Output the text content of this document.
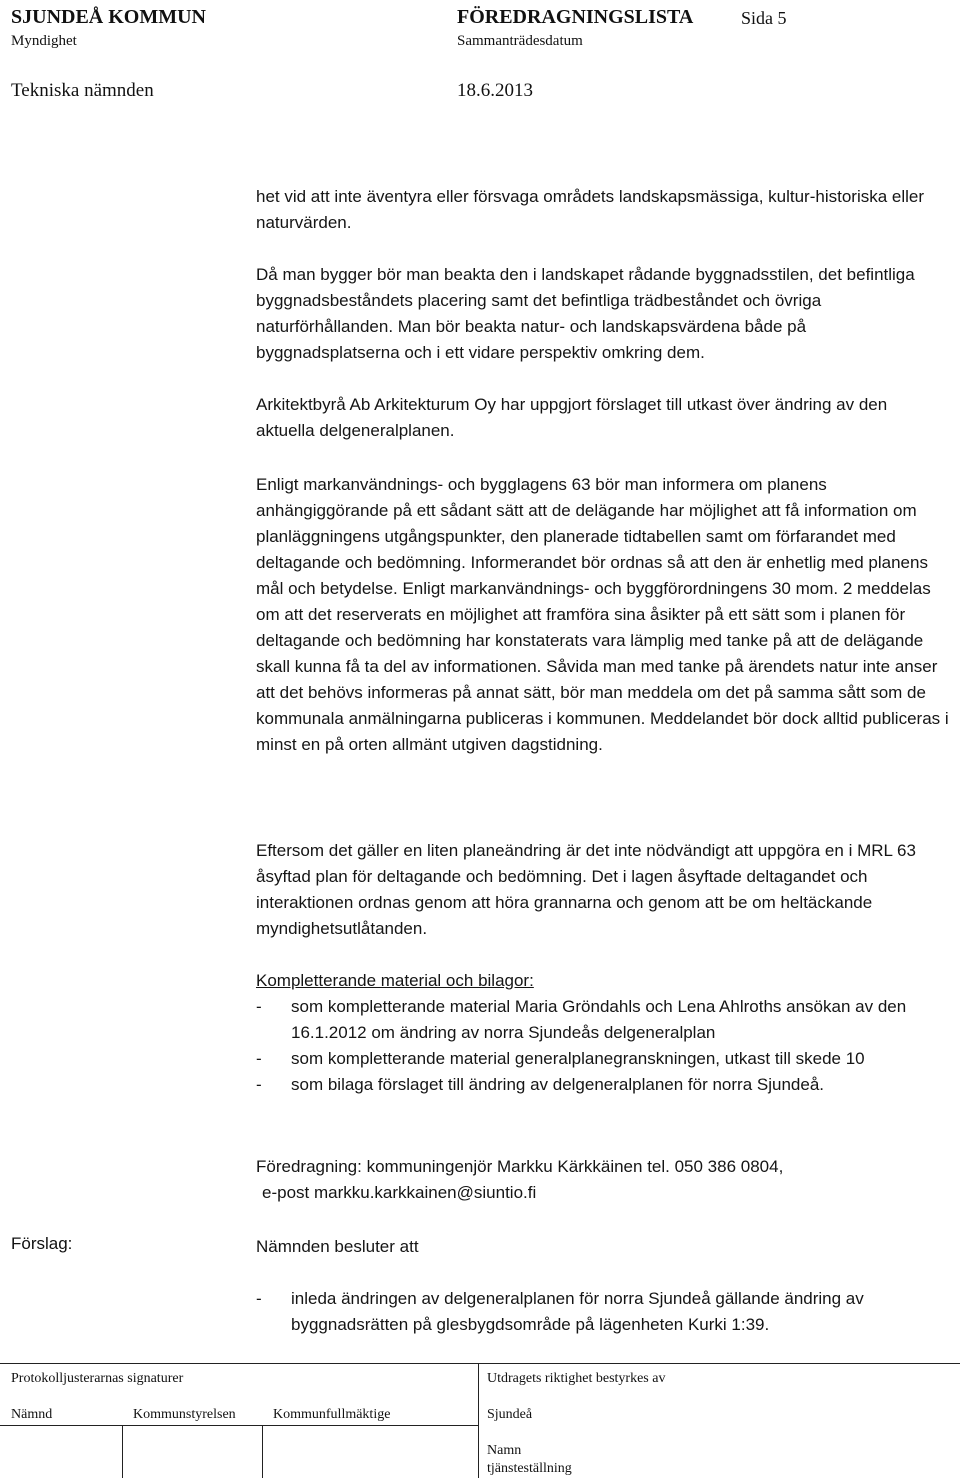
SJUNDEÅ KOMMUN	FÖREDRAGNINGSLISTA	Sida 5
Myndighet	Sammanträdesdatum
Tekniska nämnden	18.6.2013

het vid att inte äventyra eller försvaga områdets landskapsmässiga, kultur-historiska eller naturvärden.

Då man bygger bör man beakta den i landskapet rådande byggnadsstilen, det befintliga byggnadsbeståndets placering samt det befintliga trädbeståndet och övriga naturförhållanden. Man bör beakta natur- och landskapsvärdena både på byggnadsplatserna och i ett vidare perspektiv omkring dem.

Arkitektbyrå Ab Arkitekturum Oy har uppgjort förslaget till utkast över ändring av den aktuella delgeneralplanen.

Enligt markanvändnings- och bygglagens 63 bör man informera om planens anhängiggörande på ett sådant sätt att de delägande har möjlighet att få information om planläggningens utgångspunkter, den planerade tidtabellen samt om förfarandet med deltagande och bedömning. Informerandet bör ordnas så att den är enhetlig med planens mål och betydelse. Enligt markanvändnings- och byggförordningens 30 mom. 2 meddelas om att det reserverats en möjlighet att framföra sina åsikter på ett sätt som i planen för deltagande och bedömning har konstaterats vara lämplig med tanke på att de delägande skall kunna få ta del av informationen. Såvida man med tanke på ärendets natur inte anser att det behövs informeras på annat sätt, bör man meddela om det på samma sått som de kommunala anmälningarna publiceras i kommunen. Meddelandet bör dock alltid publiceras i minst en på orten allmänt utgiven dagstidning.

Eftersom det gäller en liten planeändring är det inte nödvändigt att uppgöra en i MRL 63 åsyftad plan för deltagande och bedömning. Det i lagen åsyftade deltagandet och interaktionen ordnas genom att höra grannarna och genom att be om heltäckande myndighetsutlåtanden.

Kompletterande material och bilagor:

- som kompletterande material Maria Gröndahls och Lena Ahlroths ansökan av den 16.1.2012 om ändring av norra Sjundeås delgeneralplan
- som kompletterande material generalplanegranskningen, utkast till skede 10
- som bilaga förslaget till ändring av delgeneralplanen för norra Sjundeå.

Föredragning: kommuningenjör Markku Kärkkäinen tel. 050 386 0804,

e-post markku.karkkainen@siuntio.fi

Förslag:	Nämnden besluter att

- inleda ändringen av delgeneralplanen för norra Sjundeå gällande ändring av byggnadsrätten på glesbygdsområde på lägenheten Kurki 1:39.
Protokolljusterarnas signaturer	Utdragets riktighet bestyrkes av
Nämnd	Kommunstyrelsen	Kommunfullmäktige	Sjundeå
Namn
tjänsteställning
